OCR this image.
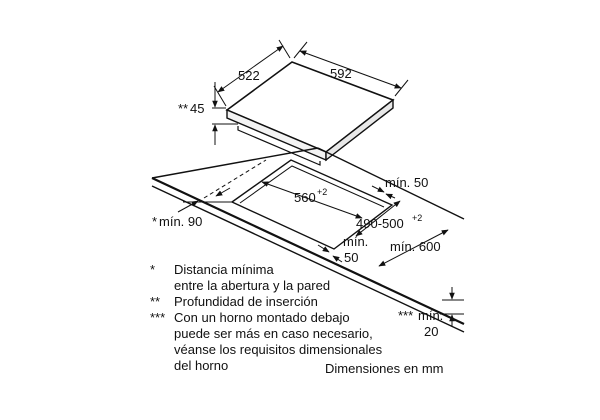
522	592
** 45
560 +2
490-500 +2
mín. 50
* mín. 90
mín.
50
mín. 600
*** mín.
20
*	Distancia mínima
entre la abertura y la pared
**	Profundidad de inserción
*** Con un horno montado debajo
puede ser más en caso necesario,
véanse los requisitos dimensionales
del horno	Dimensiones en mm
